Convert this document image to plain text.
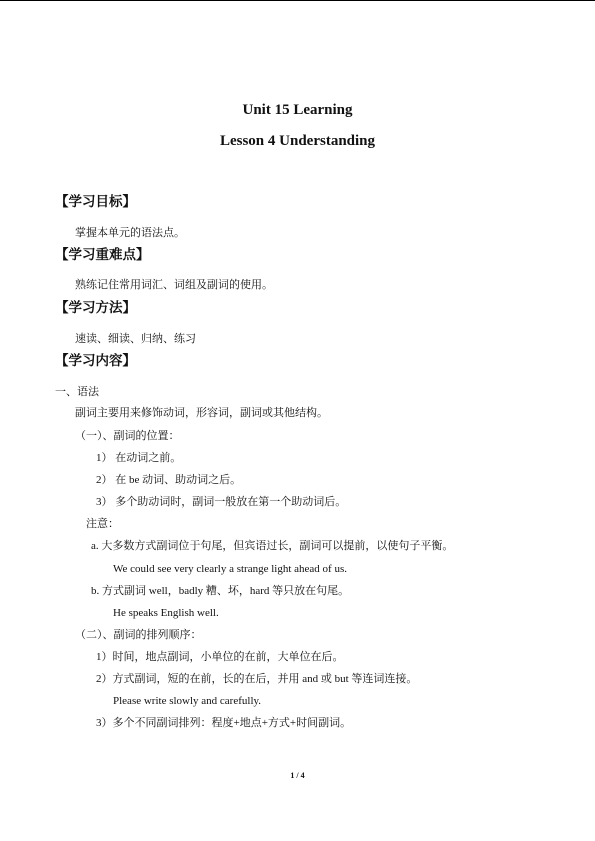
Unit 15 Learning
Lesson 4 Understanding
【学习目标】
掌握本单元的语法点。
【学习重难点】
熟练记住常用词汇、词组及副词的使用。
【学习方法】
速读、细读、归纳、练习
【学习内容】
一、语法
副词主要用来修饰动词，形容词，副词或其他结构。
（一）、副词的位置：
1） 在动词之前。
2） 在 be 动词、助动词之后。
3） 多个助动词时，副词一般放在第一个助动词后。
注意：
a. 大多数方式副词位于句尾，但宾语过长，副词可以提前，以使句子平衡。
We could see very clearly a strange light ahead of us.
b. 方式副词 well，badly 糟、坏，hard 等只放在句尾。
He speaks English well.
（二）、副词的排列顺序：
1）时间，地点副词，小单位的在前，大单位在后。
2）方式副词，短的在前，长的在后，并用 and 或 but 等连词连接。
Please write slowly and carefully.
3）多个不同副词排列：程度+地点+方式+时间副词。
1 / 4
